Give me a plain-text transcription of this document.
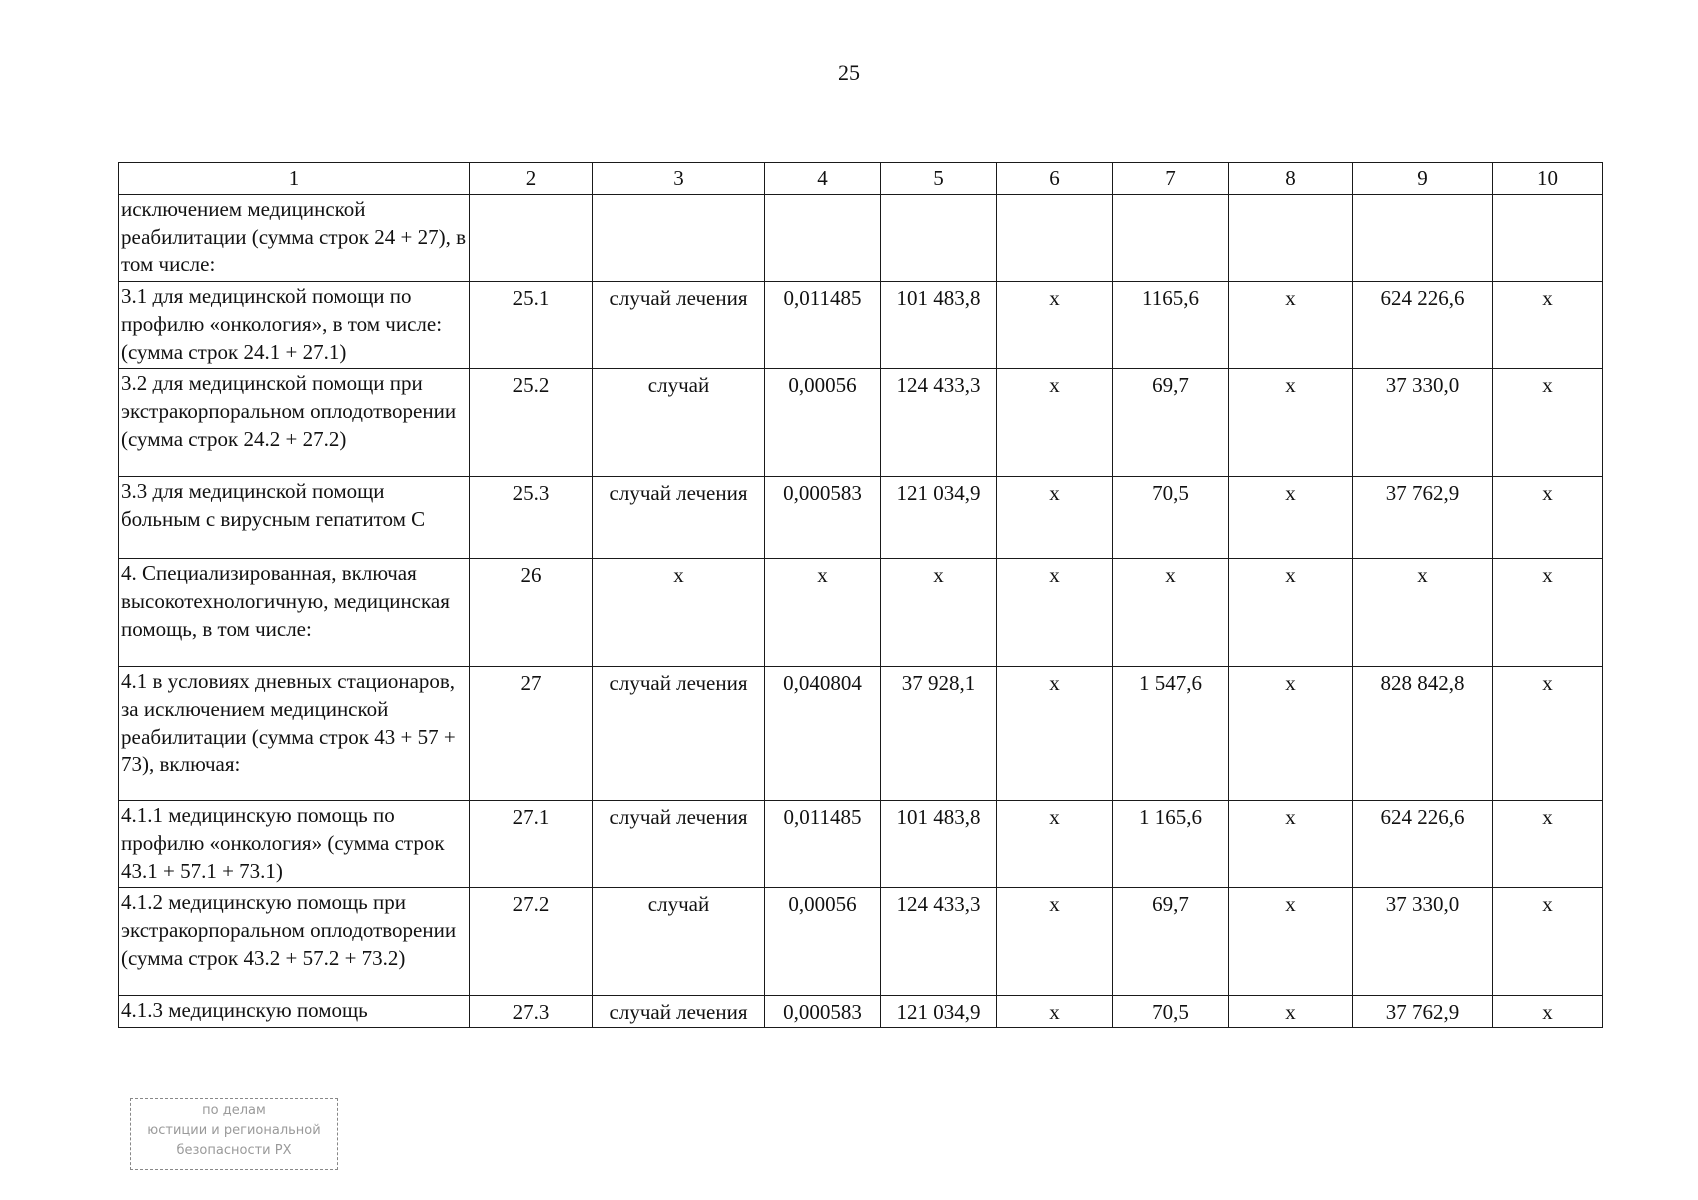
25
1	2	3	4	5	6	7	8	9	10
исключением медицинской реабилитации (сумма строк 24 + 27), в том числе:									
3.1 для медицинской помощи по профилю «онкология», в том числе: (сумма строк 24.1 + 27.1)	25.1	случай лечения	0,011485	101 483,8	x	1165,6	x	624 226,6	x
3.2 для медицинской помощи при экстракорпоральном оплодотворении (сумма строк 24.2 + 27.2)	25.2	случай	0,00056	124 433,3	x	69,7	x	37 330,0	x
3.3 для медицинской помощи больным с вирусным гепатитом С	25.3	случай лечения	0,000583	121 034,9	x	70,5	x	37 762,9	x
4. Специализированная, включая высокотехнологичную, медицинская помощь, в том числе:	26	x	x	x	x	x	x	x	x
4.1 в условиях дневных стационаров, за исключением медицинской реабилитации (сумма строк 43 + 57 + 73), включая:	27	случай лечения	0,040804	37 928,1	x	1 547,6	x	828 842,8	x
4.1.1 медицинскую помощь по профилю «онкология» (сумма строк 43.1 + 57.1 + 73.1)	27.1	случай лечения	0,011485	101 483,8	x	1 165,6	x	624 226,6	x
4.1.2 медицинскую помощь при экстракорпоральном оплодотворении (сумма строк 43.2 + 57.2 + 73.2)	27.2	случай	0,00056	124 433,3	x	69,7	x	37 330,0	x
4.1.3 медицинскую помощь	27.3	случай лечения	0,000583	121 034,9	x	70,5	x	37 762,9	x
по делам
юстиции и региональной
безопасности РХ
